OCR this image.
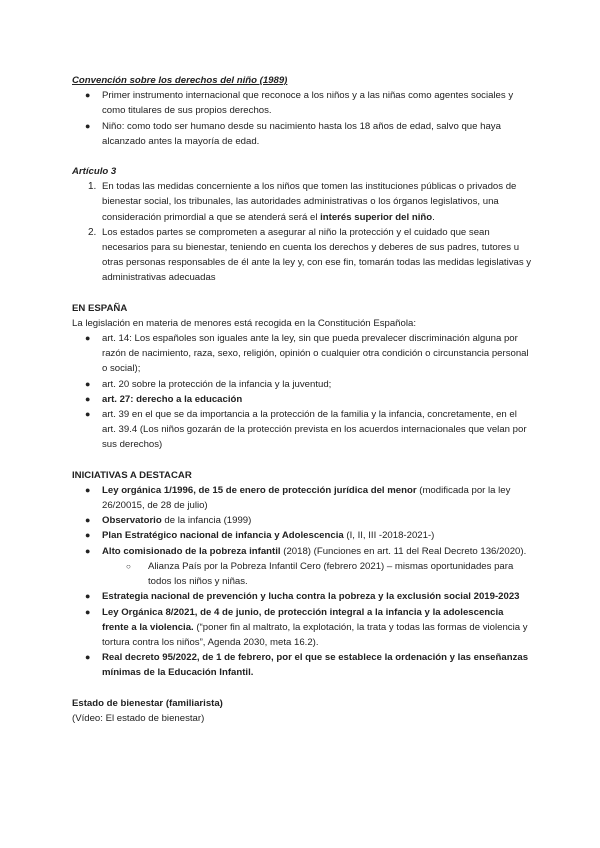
Convención sobre los derechos del niño (1989)

●	Primer instrumento internacional que reconoce a los niños y a las niñas como agentes sociales y como titulares de sus propios derechos.
●	Niño: como todo ser humano desde su nacimiento hasta los 18 años de edad, salvo que haya alcanzado antes la mayoría de edad.

Artículo 3

1. En todas las medidas concerniente a los niños que tomen las instituciones públicas o privados de bienestar social, los tribunales, las autoridades administrativas o los órganos legislativos, una consideración primordial a que se atenderá será el interés superior del niño.
2. Los estados partes se comprometen a asegurar al niño la protección y el cuidado que sean necesarios para su bienestar, teniendo en cuenta los derechos y deberes de sus padres, tutores u otras personas responsables de él ante la ley y, con ese fin, tomarán todas las medidas legislativas y administrativas adecuadas

EN ESPAÑA

La legislación en materia de menores está recogida en la Constitución Española:

●	art. 14: Los españoles son iguales ante la ley, sin que pueda prevalecer discriminación alguna por razón de nacimiento, raza, sexo, religión, opinión o cualquier otra condición o circunstancia personal o social);
●	art. 20 sobre la protección de la infancia y la juventud;
●	art. 27: derecho a la educación
●	art. 39 en el que se da importancia a la protección de la familia y la infancia, concretamente, en el art. 39.4 (Los niños gozarán de la protección prevista en los acuerdos internacionales que velan por sus derechos)

INICIATIVAS A DESTACAR

●	Ley orgánica 1/1996, de 15 de enero de protección jurídica del menor (modificada por la ley 26/20015, de 28 de julio)
●	Observatorio de la infancia (1999)
●	Plan Estratégico nacional de infancia y Adolescencia (I, II, III -2018-2021-)
●	Alto comisionado de la pobreza infantil (2018) (Funciones en art. 11 del Real Decreto 136/2020).
○	Alianza País por la Pobreza Infantil Cero (febrero 2021) – mismas oportunidades para todos los niños y niñas.
●	Estrategia nacional de prevención y lucha contra la pobreza y la exclusión social 2019-2023
●	Ley Orgánica 8/2021, de 4 de junio, de protección integral a la infancia y la adolescencia frente a la violencia. (“poner fin al maltrato, la explotación, la trata y todas las formas de violencia y tortura contra los niños”, Agenda 2030, meta 16.2).
●	Real decreto 95/2022, de 1 de febrero, por el que se establece la ordenación y las enseñanzas mínimas de la Educación Infantil.

Estado de bienestar (familiarista)

(Vídeo: El estado de bienestar)
